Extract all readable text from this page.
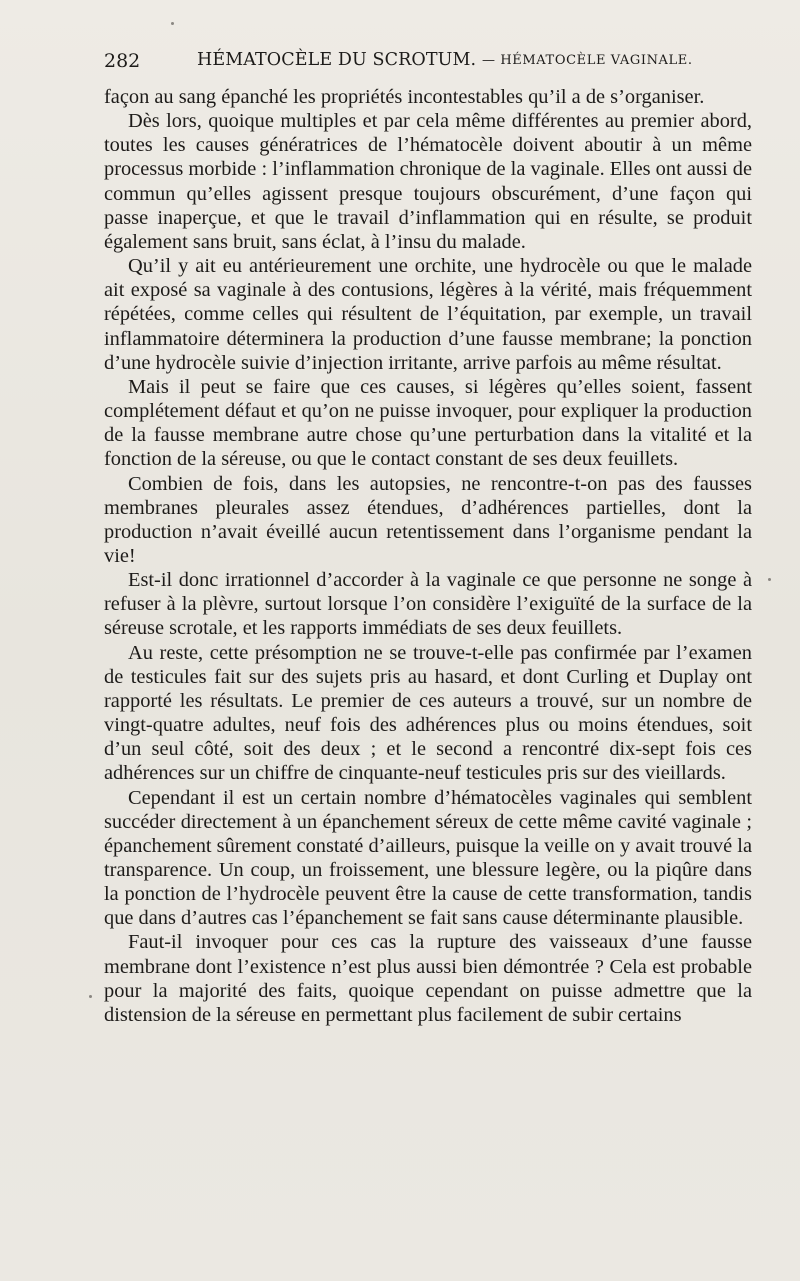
282	HÉMATOCÈLE DU SCROTUM. — HÉMATOCÈLE VAGINALE.

façon au sang épanché les propriétés incontestables qu’il a de s’organiser.

Dès lors, quoique multiples et par cela même différentes au premier abord, toutes les causes génératrices de l’hématocèle doivent aboutir à un même processus morbide : l’inflammation chronique de la vaginale. Elles ont aussi de commun qu’elles agissent presque toujours obscurément, d’une façon qui passe inaperçue, et que le travail d’inflammation qui en résulte, se produit également sans bruit, sans éclat, à l’insu du malade.

Qu’il y ait eu antérieurement une orchite, une hydrocèle ou que le malade ait exposé sa vaginale à des contusions, légères à la vérité, mais fréquemment répétées, comme celles qui résultent de l’équitation, par exemple, un travail inflammatoire déterminera la production d’une fausse membrane; la ponction d’une hydrocèle suivie d’injection irritante, arrive parfois au même résultat.

Mais il peut se faire que ces causes, si légères qu’elles soient, fassent complétement défaut et qu’on ne puisse invoquer, pour expliquer la production de la fausse membrane autre chose qu’une perturbation dans la vitalité et la fonction de la séreuse, ou que le contact constant de ses deux feuillets.

Combien de fois, dans les autopsies, ne rencontre-t-on pas des fausses membranes pleurales assez étendues, d’adhérences partielles, dont la production n’avait éveillé aucun retentissement dans l’organisme pendant la vie!

Est-il donc irrationnel d’accorder à la vaginale ce que personne ne songe à refuser à la plèvre, surtout lorsque l’on considère l’exiguïté de la surface de la séreuse scrotale, et les rapports immédiats de ses deux feuillets.

Au reste, cette présomption ne se trouve-t-elle pas confirmée par l’examen de testicules fait sur des sujets pris au hasard, et dont Curling et Duplay ont rapporté les résultats. Le premier de ces auteurs a trouvé, sur un nombre de vingt-quatre adultes, neuf fois des adhérences plus ou moins étendues, soit d’un seul côté, soit des deux ; et le second a rencontré dix-sept fois ces adhérences sur un chiffre de cinquante-neuf testicules pris sur des vieillards.

Cependant il est un certain nombre d’hématocèles vaginales qui semblent succéder directement à un épanchement séreux de cette même cavité vaginale ; épanchement sûrement constaté d’ailleurs, puisque la veille on y avait trouvé la transparence. Un coup, un froissement, une blessure legère, ou la piqûre dans la ponction de l’hydrocèle peuvent être la cause de cette transformation, tandis que dans d’autres cas l’épanchement se fait sans cause déterminante plausible.

Faut-il invoquer pour ces cas la rupture des vaisseaux d’une fausse membrane dont l’existence n’est plus aussi bien démontrée ? Cela est probable pour la majorité des faits, quoique cependant on puisse admettre que la distension de la séreuse en permettant plus facilement de subir certains
